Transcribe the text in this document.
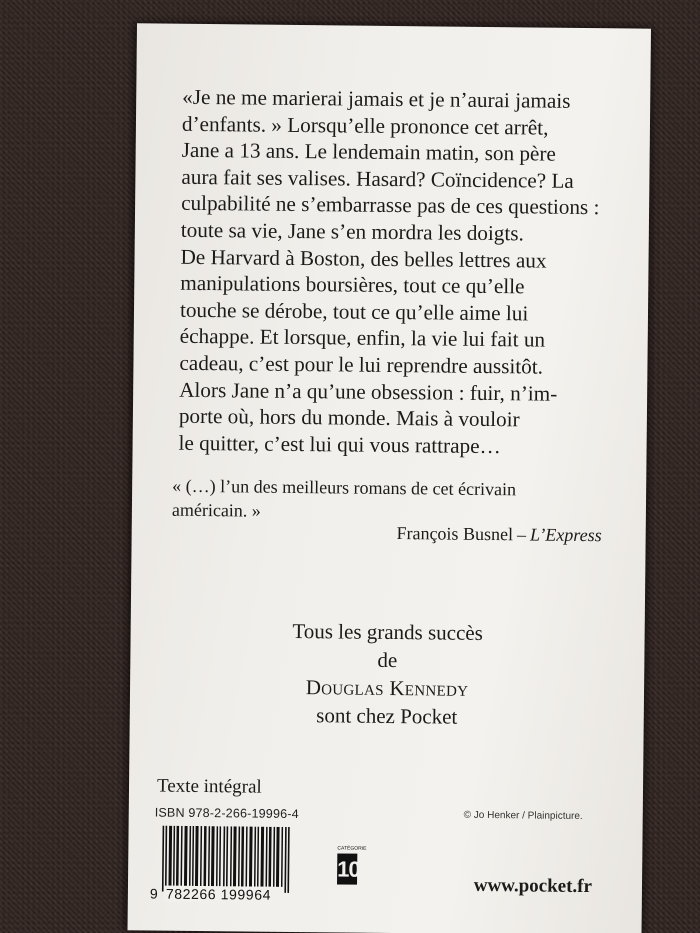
«Je ne me marierai jamais et je n’aurai jamais
d’enfants. » Lorsqu’elle prononce cet arrêt,
Jane a 13 ans. Le lendemain matin, son père
aura fait ses valises. Hasard? Coïncidence? La
culpabilité ne s’embarrasse pas de ces questions :
toute sa vie, Jane s’en mordra les doigts.
De Harvard à Boston, des belles lettres aux
manipulations boursières, tout ce qu’elle
touche se dérobe, tout ce qu’elle aime lui
échappe. Et lorsque, enfin, la vie lui fait un
cadeau, c’est pour le lui reprendre aussitôt.
Alors Jane n’a qu’une obsession : fuir, n’im-
porte où, hors du monde. Mais à vouloir
le quitter, c’est lui qui vous rattrape…
« (…) l’un des meilleurs romans de cet écrivain
américain. »
François Busnel – L’Express
Tous les grands succès
de
Douglas Kennedy
sont chez Pocket
Texte intégral
ISBN 978-2-266-19996-4	© Jo Henker / Plainpicture.
9 782266 199964
CATÉGORIE
10
www.pocket.fr
